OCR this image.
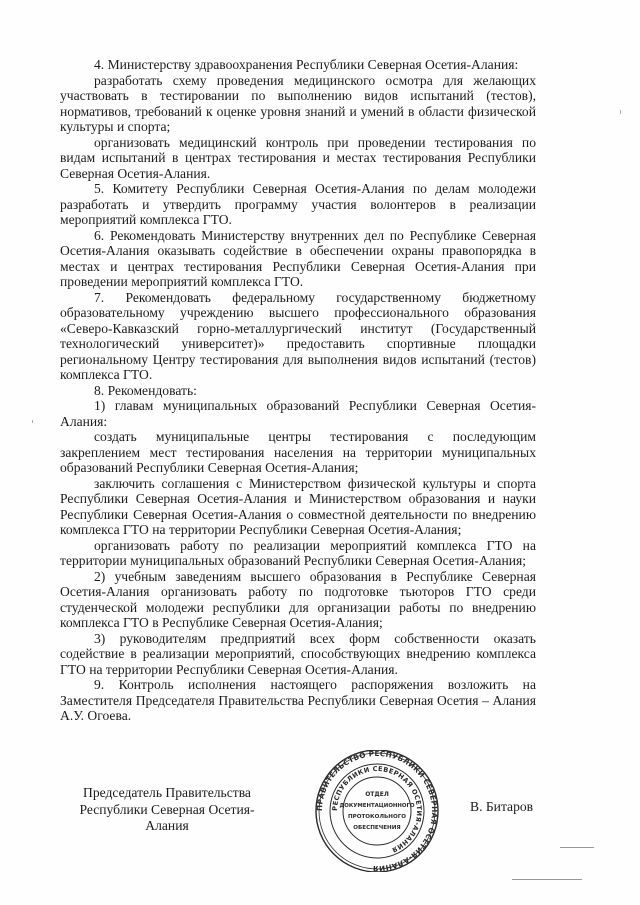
4. Министерству здравоохранения Республики Северная Осетия-Алания:

разработать схему проведения медицинского осмотра для желающих участвовать в тестировании по выполнению видов испытаний (тестов), нормативов, требований к оценке уровня знаний и умений в области физической культуры и спорта;

организовать медицинский контроль при проведении тестирования по видам испытаний в центрах тестирования и местах тестирования Республики Северная Осетия-Алания.

5. Комитету Республики Северная Осетия-Алания по делам молодежи разработать и утвердить программу участия волонтеров в реализации мероприятий комплекса ГТО.

6. Рекомендовать Министерству внутренних дел по Республике Северная Осетия-Алания оказывать содействие в обеспечении охраны правопорядка в местах и центрах тестирования Республики Северная Осетия-Алания при проведении мероприятий комплекса ГТО.

7. Рекомендовать федеральному государственному бюджетному образовательному учреждению высшего профессионального образования «Северо-Кавказский горно-металлургический институт (Государственный технологический университет)» предоставить спортивные площадки региональному Центру тестирования для выполнения видов испытаний (тестов) комплекса ГТО.

8. Рекомендовать:

1) главам муниципальных образований Республики Северная Осетия-Алания:

создать муниципальные центры тестирования с последующим закреплением мест тестирования населения на территории муниципальных образований Республики Северная Осетия-Алания;

заключить соглашения с Министерством физической культуры и спорта Республики Северная Осетия-Алания и Министерством образования и науки Республики Северная Осетия-Алания о совместной деятельности по внедрению комплекса ГТО на территории Республики Северная Осетия-Алания;

организовать работу по реализации мероприятий комплекса ГТО на территории муниципальных образований Республики Северная Осетия-Алания;

2) учебным заведениям высшего образования в Республике Северная Осетия-Алания организовать работу по подготовке тьюторов ГТО среди студенческой молодежи республики для организации работы по внедрению комплекса ГТО в Республике Северная Осетия-Алания;

3) руководителям предприятий всех форм собственности оказать содействие в реализации мероприятий, способствующих внедрению комплекса ГТО на территории Республики Северная Осетия-Алания.

9. Контроль исполнения настоящего распоряжения возложить на Заместителя Председателя Правительства Республики Северная Осетия – Алания А.У. Огоева.

Председатель Правительства
Республики Северная Осетия-Алания
ПРАВИТЕЛЬСТВО РЕСПУБЛИКИ СЕВЕРНАЯ ОСЕТИЯ-АЛАНИЯ
РЕСПУБЛИКИ СЕВЕРНАЯ ОСЕТИЯ-АЛАНИЯ
ОТДЕЛ
ДОКУМЕНТАЦИОННОГО
ПРОТОКОЛЬНОГО
ОБЕСПЕЧЕНИЯ
В. Битаров
